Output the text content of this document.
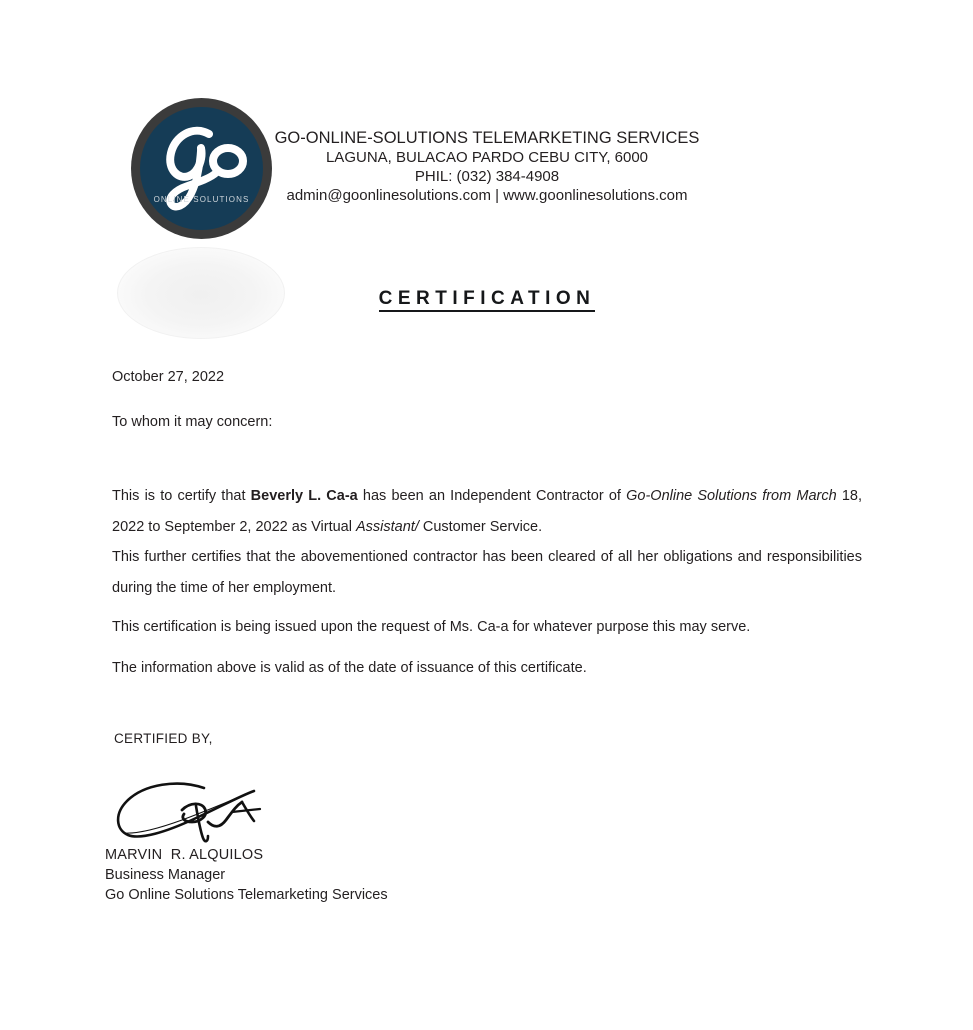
ONLINE SOLUTIONS
GO-ONLINE-SOLUTIONS TELEMARKETING SERVICES
LAGUNA, BULACAO PARDO CEBU CITY, 6000
PHIL: (032) 384-4908
admin@goonlinesolutions.com | www.goonlinesolutions.com
CERTIFICATION
October 27, 2022
To whom it may concern:
This is to certify that Beverly L. Ca-a has been an Independent Contractor of Go-Online Solutions from March 18, 2022 to September 2, 2022 as Virtual Assistant/ Customer Service.
This further certifies that the abovementioned contractor has been cleared of all her obligations and responsibilities during the time of her employment.
This certification is being issued upon the request of Ms. Ca-a for whatever purpose this may serve.
The information above is valid as of the date of issuance of this certificate.
CERTIFIED BY,
MARVIN  R. ALQUILOS
Business Manager
Go Online Solutions Telemarketing Services
